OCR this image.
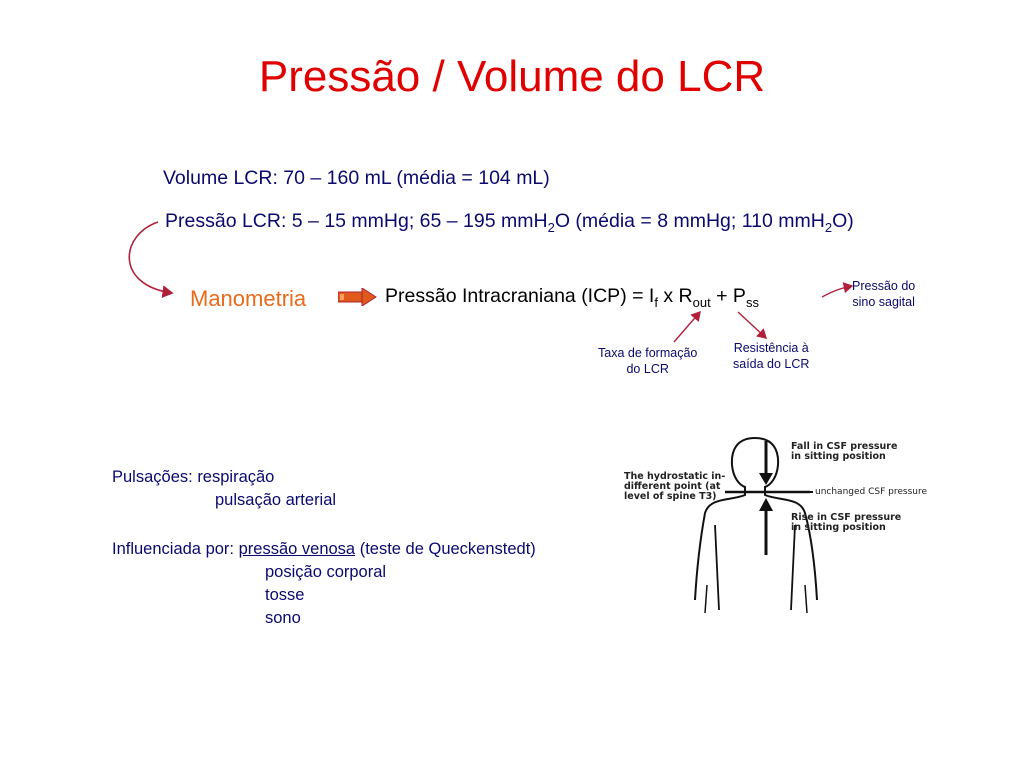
Pressão / Volume do LCR
Volume LCR: 70 – 160 mL (média = 104 mL)
Pressão LCR: 5 – 15 mmHg; 65 – 195 mmH$_2$O (média = 8 mmHg; 110 mmH$_2$O)
Manometria	Pressão Intracraniana $(ICP) = I_f$ x $R_{out} + P_{ss}$
Pressão do
sino sagital
Taxa de formação
do LCR
Resistência à
saída do LCR
Pulsações: respiração
pulsação arterial
Influenciada por: pressão venosa (teste de Queckenstedt)
posição corporal
tosse
sono
Fall in CSF pressure
in sitting position
The hydrostatic in-
different point (at
level of spine T3)	unchanged CSF pressure
Rise in CSF pressure
in sitting position
